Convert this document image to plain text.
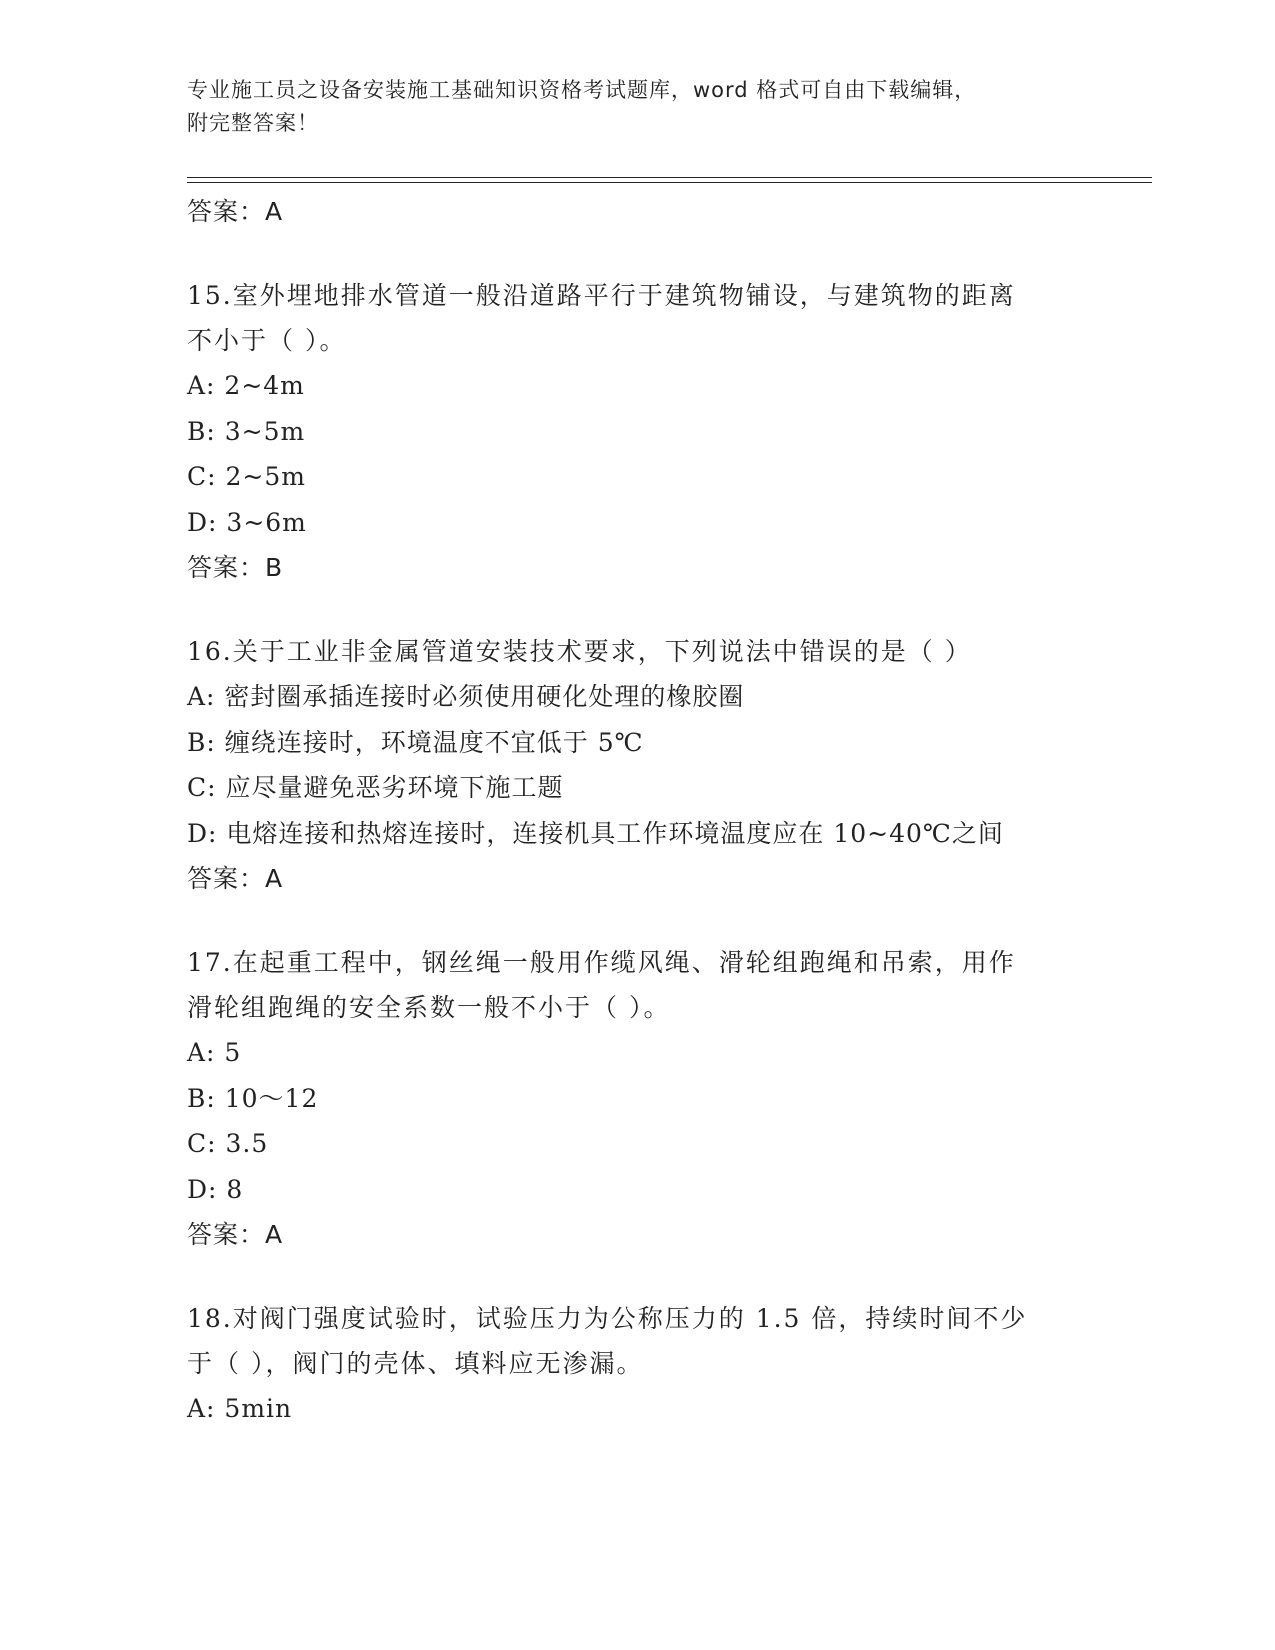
专业施工员之设备安装施工基础知识资格考试题库，word 格式可自由下载编辑，
附完整答案！
答案：A
15.室外埋地排水管道一般沿道路平行于建筑物铺设，与建筑物的距离
不小于（ ）。
A: 2~4m
B: 3~5m
C: 2~5m
D: 3~6m
答案：B
16.关于工业非金属管道安装技术要求，下列说法中错误的是（ ）
A: 密封圈承插连接时必须使用硬化处理的橡胶圈
B: 缠绕连接时，环境温度不宜低于 5℃
C: 应尽量避免恶劣环境下施工题
D: 电熔连接和热熔连接时，连接机具工作环境温度应在 10~40℃之间
答案：A
17.在起重工程中，钢丝绳一般用作缆风绳、滑轮组跑绳和吊索，用作
滑轮组跑绳的安全系数一般不小于（ ）。
A: 5
B: 10～12
C: 3.5
D: 8
答案：A
18.对阀门强度试验时，试验压力为公称压力的 1.5 倍，持续时间不少
于（ ），阀门的壳体、填料应无渗漏。
A: 5min
